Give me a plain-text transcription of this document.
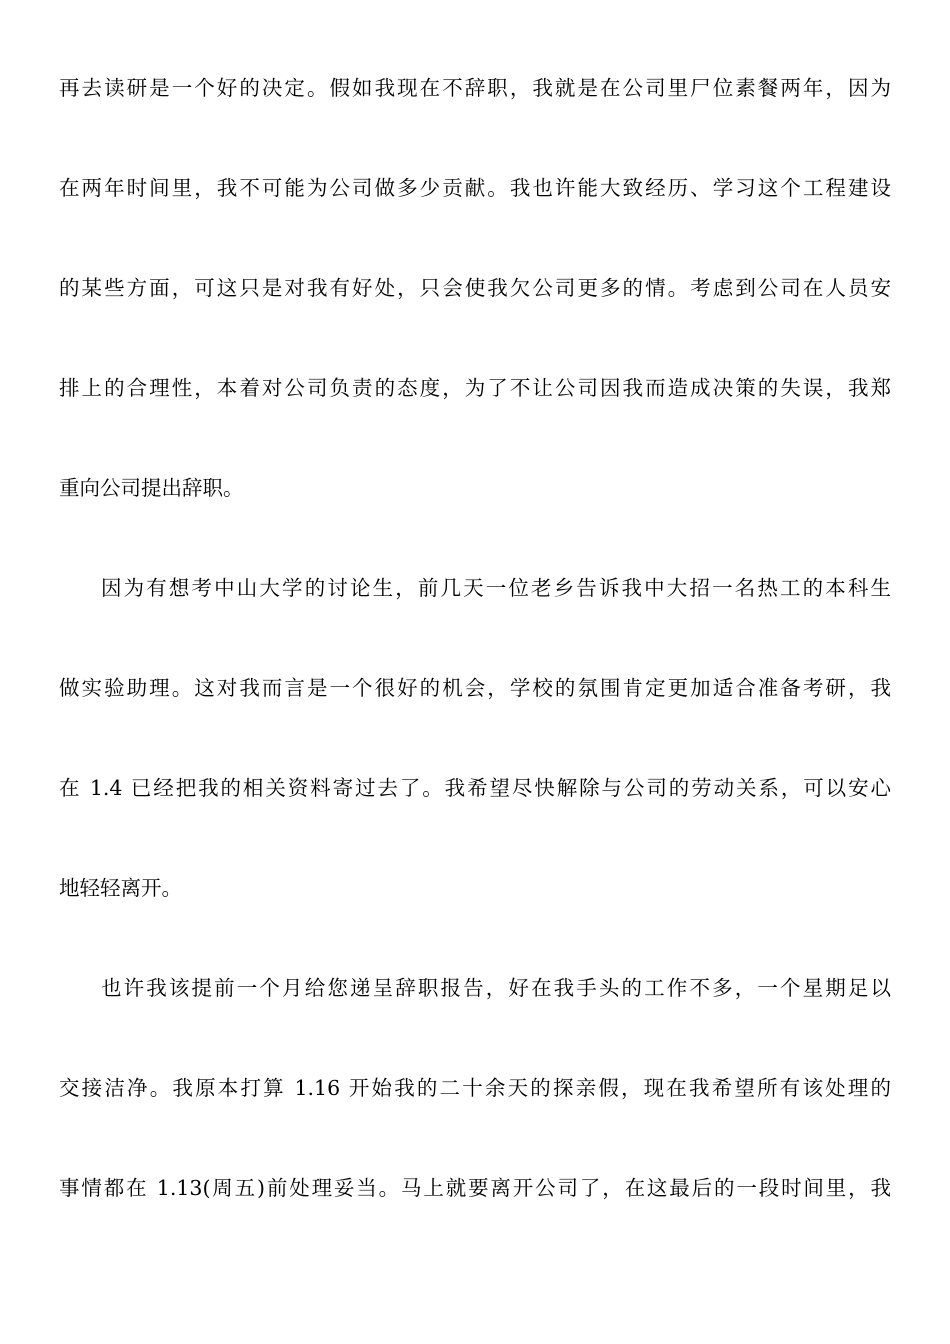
再去读研是一个好的决定。假如我现在不辞职，我就是在公司里尸位素餐两年，因为
在两年时间里，我不可能为公司做多少贡献。我也许能大致经历、学习这个工程建设
的某些方面，可这只是对我有好处，只会使我欠公司更多的情。考虑到公司在人员安
排上的合理性，本着对公司负责的态度，为了不让公司因我而造成决策的失误，我郑
重向公司提出辞职。
因为有想考中山大学的讨论生，前几天一位老乡告诉我中大招一名热工的本科生
做实验助理。这对我而言是一个很好的机会，学校的氛围肯定更加适合准备考研，我
在 1.4 已经把我的相关资料寄过去了。我希望尽快解除与公司的劳动关系，可以安心
地轻轻离开。
也许我该提前一个月给您递呈辞职报告，好在我手头的工作不多，一个星期足以
交接洁净。我原本打算 1.16 开始我的二十余天的探亲假，现在我希望所有该处理的
事情都在 1.13(周五)前处理妥当。马上就要离开公司了，在这最后的一段时间里，我
